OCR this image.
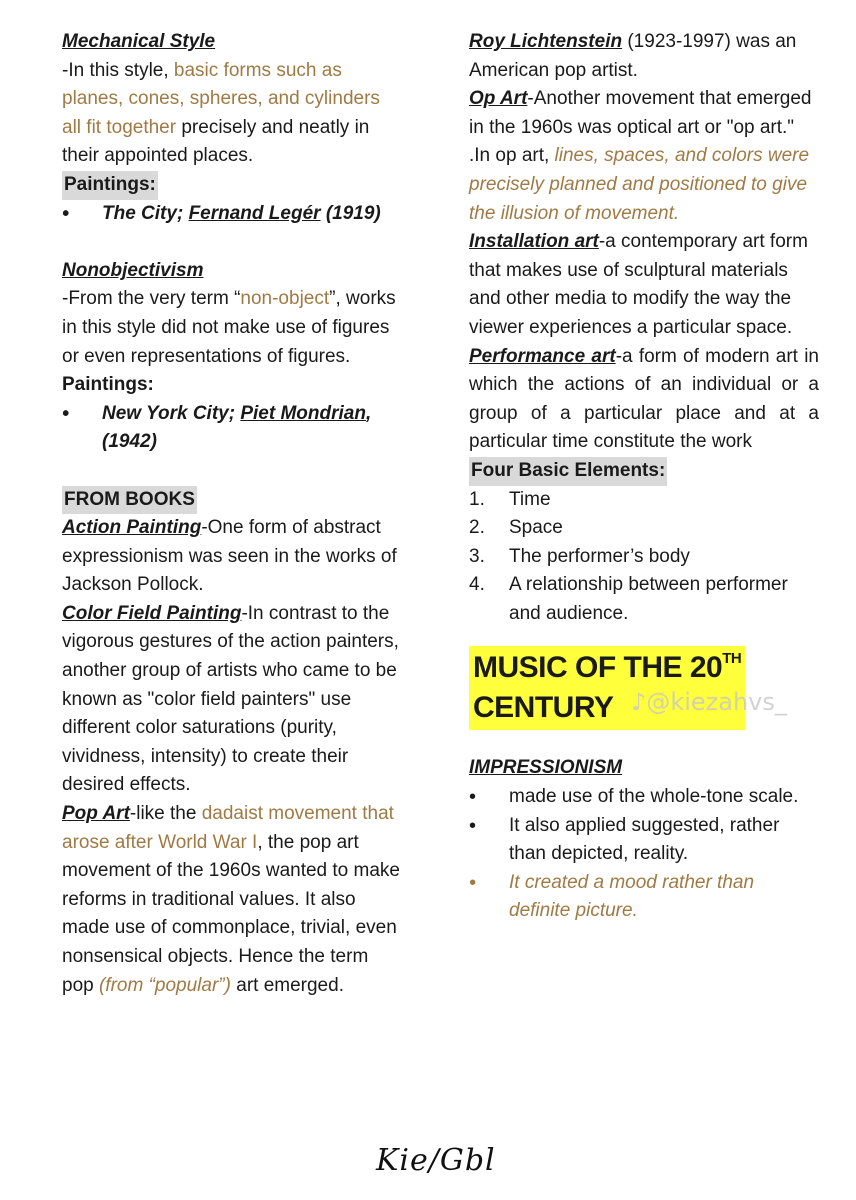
Mechanical Style

-In this style, basic forms such as planes, cones, spheres, and cylinders all fit together precisely and neatly in their appointed places.

Paintings:

• The City; Fernand Legér (1919)

Nonobjectivism

-From the very term “non-object”, works in this style did not make use of figures or even representations of figures.

Paintings:

• New York City; Piet Mondrian, (1942)

FROM BOOKS

Action Painting-One form of abstract expressionism was seen in the works of Jackson Pollock.

Color Field Painting-In contrast to the vigorous gestures of the action painters, another group of artists who came to be known as "color field painters" use different color saturations (purity, vividness, intensity) to create their desired effects.

Pop Art-like the dadaist movement that arose after World War I, the pop art movement of the 1960s wanted to make reforms in traditional values. It also made use of commonplace, trivial, even nonsensical objects. Hence the term pop (from “popular”) art emerged.

Roy Lichtenstein (1923-1997) was an American pop artist.

Op Art-Another movement that emerged in the 1960s was optical art or "op art." .In op art, lines, spaces, and colors were precisely planned and positioned to give the illusion of movement.

Installation art-a contemporary art form that makes use of sculptural materials and other media to modify the way the viewer experiences a particular space.

Performance art-a form of modern art in which the actions of an individual or a group of a particular place and at a particular time constitute the work

Four Basic Elements:

1. Time
2. Space
3. The performer’s body
4. A relationship between performer and audience.
MUSIC OF THE 20TH
CENTURY ♪@kiezahvs_

IMPRESSIONISM

• made use of the whole-tone scale.
• It also applied suggested, rather than depicted, reality.
• It created a mood rather than definite picture.
Kie/Gbl
